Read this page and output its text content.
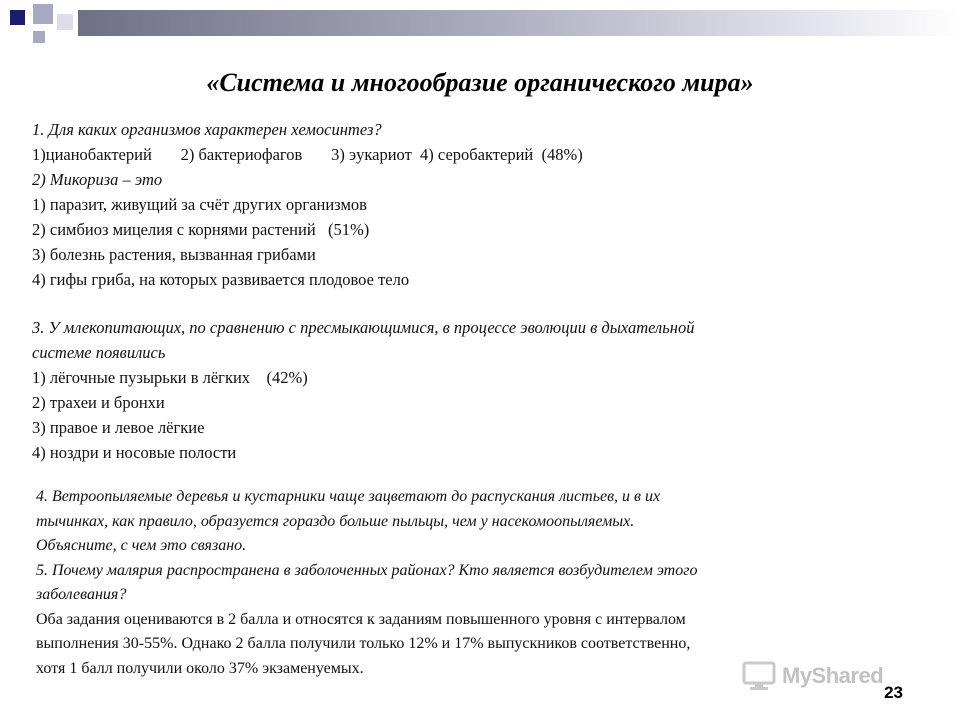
«Система и многообразие органического мира»
1. Для каких организмов характерен хемосинтез?
1)цианобактерий       2) бактериофагов       3) эукариот  4) серобактерий  (48%)
2) Микориза – это
1) паразит, живущий за счёт других организмов
2) симбиоз мицелия с корнями растений   (51%)
3) болезнь растения, вызванная грибами
4) гифы гриба, на которых развивается плодовое тело
3. У млекопитающих, по сравнению с пресмыкающимися, в процессе эволюции в дыхательной
системе появились
1) лёгочные пузырьки в лёгких    (42%)
2) трахеи и бронхи
3) правое и левое лёгкие
4) ноздри и носовые полости
4. Ветроопыляемые деревья и кустарники чаще зацветают до распускания листьев, и в их
тычинках, как правило, образуется гораздо больше пыльцы, чем у насекомоопыляемых.
Объясните, с чем это связано.
5. Почему малярия распространена в заболоченных районах? Кто является возбудителем этого
заболевания?
Оба задания оцениваются в 2 балла и относятся к заданиям повышенного уровня с интервалом
выполнения 30-55%. Однако 2 балла получили только 12% и 17% выпускников соответственно,
хотя 1 балл получили около 37% экзаменуемых.	MyShared
23
